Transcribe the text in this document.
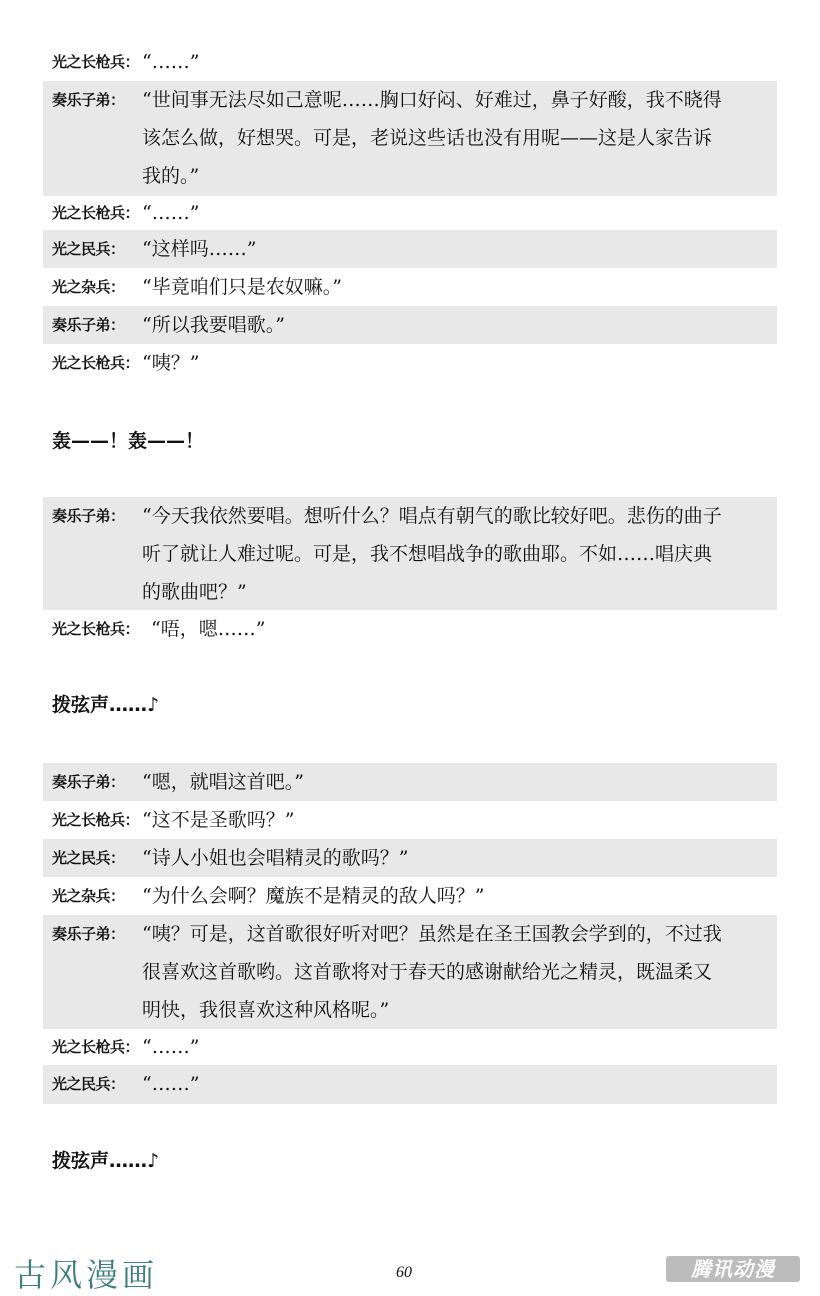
光之长枪兵： “……”
奏乐子弟： “世间事无法尽如己意呢……胸口好闷、好难过，鼻子好酸，我不晓得
该怎么做，好想哭。可是，老说这些话也没有用呢——这是人家告诉
我的。”
光之长枪兵： “……”
光之民兵： “这样吗……”
光之杂兵： “毕竟咱们只是农奴嘛。”
奏乐子弟： “所以我要唱歌。”
光之长枪兵： “咦？”
轰——！轰——！
奏乐子弟： “今天我依然要唱。想听什么？唱点有朝气的歌比较好吧。悲伤的曲子
听了就让人难过呢。可是，我不想唱战争的歌曲耶。不如……唱庆典
的歌曲吧？”
光之长枪兵： “唔，嗯……”
拨弦声……♪
奏乐子弟： “嗯，就唱这首吧。”
光之长枪兵： “这不是圣歌吗？”
光之民兵： “诗人小姐也会唱精灵的歌吗？”
光之杂兵： “为什么会啊？魔族不是精灵的敌人吗？”
奏乐子弟： “咦？可是，这首歌很好听对吧？虽然是在圣王国教会学到的，不过我
很喜欢这首歌哟。这首歌将对于春天的感谢献给光之精灵，既温柔又
明快，我很喜欢这种风格呢。”
光之长枪兵： “……”
光之民兵： “……”
拨弦声……♪
古风漫画	60	腾讯动漫
